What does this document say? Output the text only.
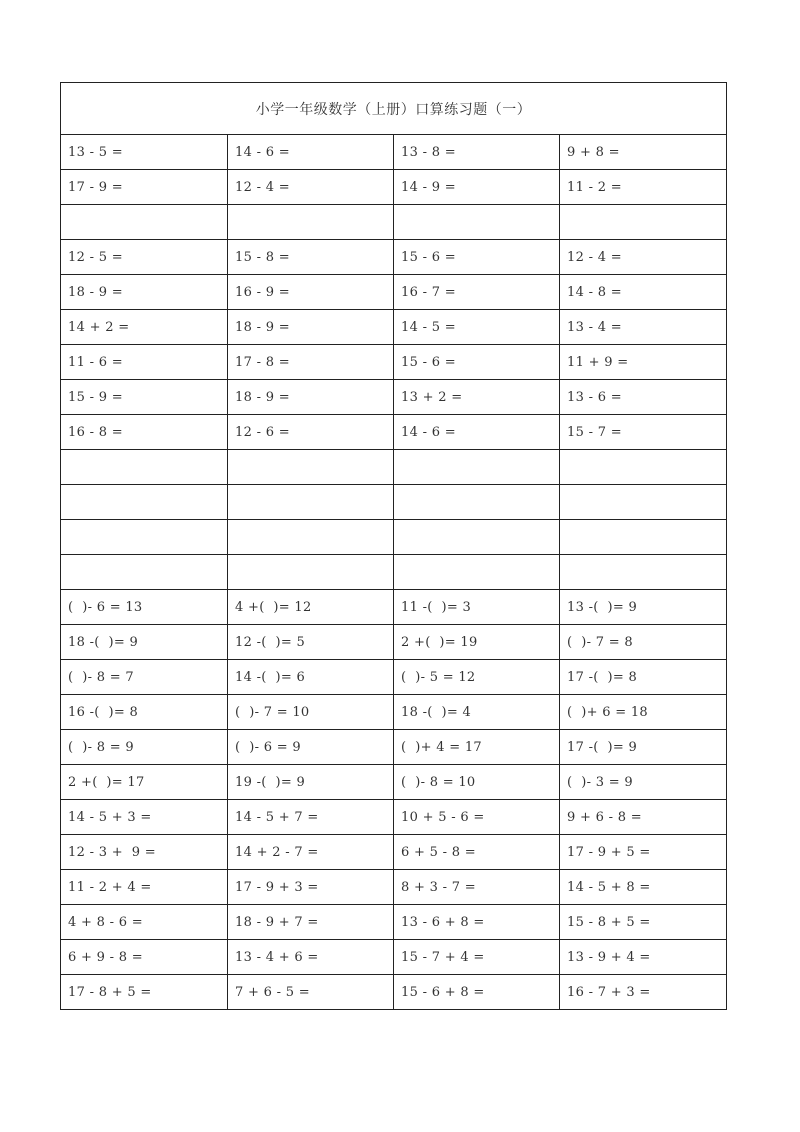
小学一年级数学（上册）口算练习题（一）			
13 - 5 =	14 - 6 =	13 - 8 =	9 + 8 =
17 - 9 =	12 - 4 =	14 - 9 =	11 - 2 =

12 - 5 =	15 - 8 =	15 - 6 =	12 - 4 =
18 - 9 =	16 - 9 =	16 - 7 =	14 - 8 =
14 + 2 =	18 - 9 =	14 - 5 =	13 - 4 =
11 - 6 =	17 - 8 =	15 - 6 =	11 + 9 =
15 - 9 =	18 - 9 =	13 + 2 =	13 - 6 =
16 - 8 =	12 - 6 =	14 - 6 =	15 - 7 =

(  )- 6 = 13	4 +(  )= 12	11 -(  )= 3	13 -(  )= 9
18 -(  )= 9	12 -(  )= 5	2 +(  )= 19	(  )- 7 = 8
(  )- 8 = 7	14 -(  )= 6	(  )- 5 = 12	17 -(  )= 8
16 -(  )= 8	(  )- 7 = 10	18 -(  )= 4	(  )+ 6 = 18
(  )- 8 = 9	(  )- 6 = 9	(  )+ 4 = 17	17 -(  )= 9
2 +(  )= 17	19 -(  )= 9	(  )- 8 = 10	(  )- 3 = 9
14 - 5 + 3 =	14 - 5 + 7 =	10 + 5 - 6 =	9 + 6 - 8 =
12 - 3 +  9 =	14 + 2 - 7 =	6 + 5 - 8 =	17 - 9 + 5 =
11 - 2 + 4 =	17 - 9 + 3 =	8 + 3 - 7 =	14 - 5 + 8 =
4 + 8 - 6 =	18 - 9 + 7 =	13 - 6 + 8 =	15 - 8 + 5 =
6 + 9 - 8 =	13 - 4 + 6 =	15 - 7 + 4 =	13 - 9 + 4 =
17 - 8 + 5 =	7 + 6 - 5 =	15 - 6 + 8 =	16 - 7 + 3 =
